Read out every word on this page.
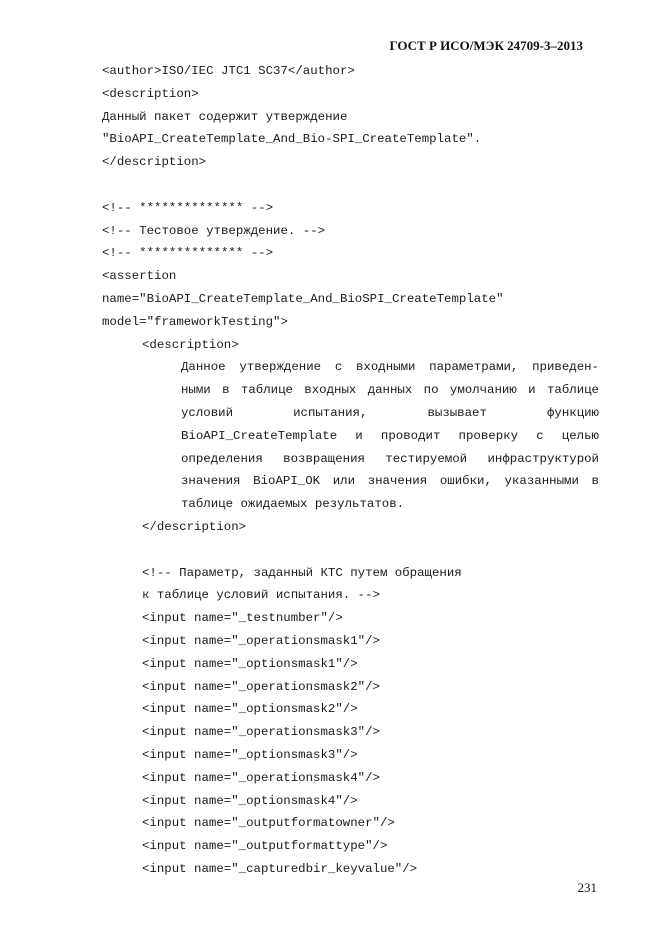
ГОСТ Р ИСО/МЭК 24709-3–2013
<author>ISO/IEC JTC1 SC37</author>
<description>
Данный пакет содержит утверждение
"BioAPI_CreateTemplate_And_Bio-SPI_CreateTemplate".
</description>
<!-- ************** -->
<!-- Тестовое утверждение. -->
<!-- ************** -->
<assertion
name="BioAPI_CreateTemplate_And_BioSPI_CreateTemplate"
model="frameworkTesting">
<description>
Данное утверждение с входными параметрами, приведен-
ными в таблице входных данных по умолчанию и таблице
условий испытания, вызывает функцию
BioAPI_CreateTemplate и проводит проверку с целью
определения возвращения тестируемой инфраструктурой
значения BioAPI_OK или значения ошибки, указанными в
таблице ожидаемых результатов.
</description>
<!-- Параметр, заданный КТС путем обращения
к таблице условий испытания. -->
<input name="_testnumber"/>
<input name="_operationsmask1"/>
<input name="_optionsmask1"/>
<input name="_operationsmask2"/>
<input name="_optionsmask2"/>
<input name="_operationsmask3"/>
<input name="_optionsmask3"/>
<input name="_operationsmask4"/>
<input name="_optionsmask4"/>
<input name="_outputformatowner"/>
<input name="_outputformattype"/>
<input name="_capturedbir_keyvalue"/>
231
